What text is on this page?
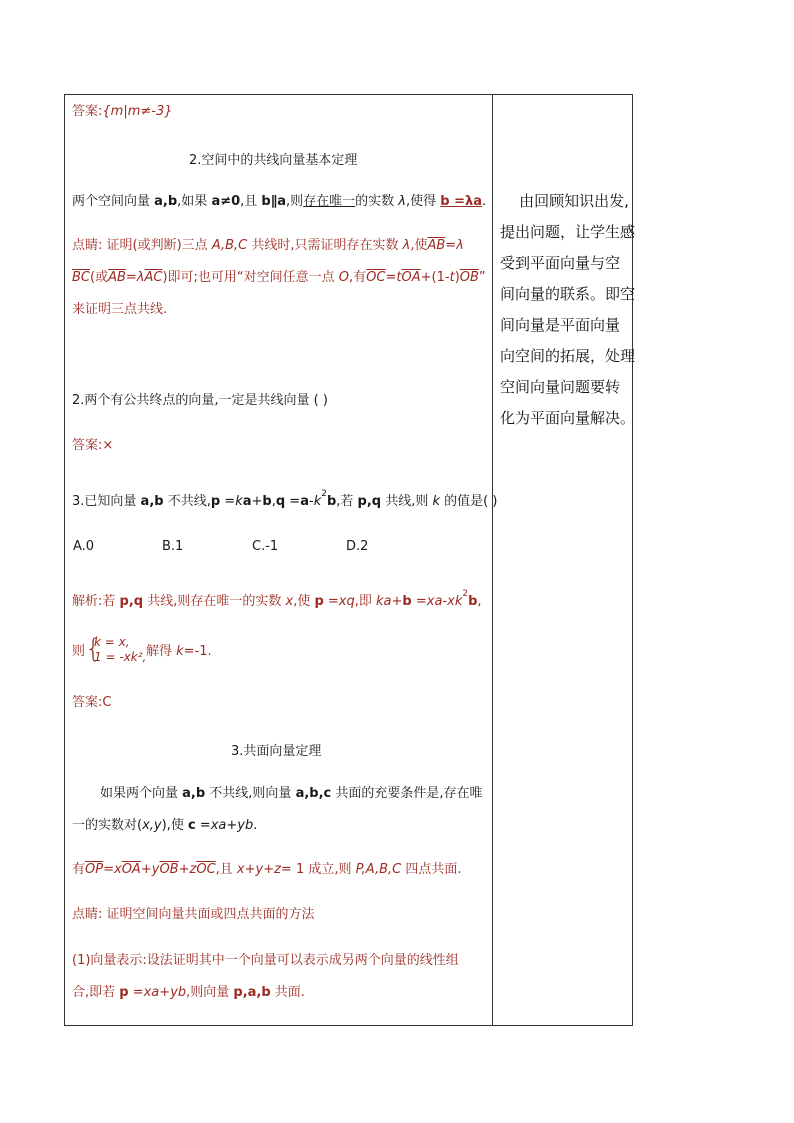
答案:{m|m≠-3}
2.空间中的共线向量基本定理
两个空间向量 a,b,如果 a≠0,且 b∥a,则存在唯一的实数 λ,使得 b =λa.
点睛: 证明(或判断)三点 A,B,C 共线时,只需证明存在实数 λ,使$\overline{AB}=\lambda$
$\overline{BC}$(或$\overline{AB}=\lambda\overline{AC}$)即可;也可用“对空间任意一点 O,有$\overline{OC}=t\overline{OA}+(1-t)\overline{OB}$”
来证明三点共线.
2.两个有公共终点的向量,一定是共线向量 ( )
答案:×
3.已知向量 a,b 不共线$,p =ka+b,q =a-k^2b$,若 p,q 共线,则 k 的值是( )
A.0	B.1	C.-1	D.2
解析:若 p,q 共线,则存在唯一的实数 x,使 p =xq,即 $ka+b =xa-xk^2b$,
则 {
k = x,
1 = -xk², 解得 k=-1.
答案:C
3.共面向量定理
如果两个向量 a,b 不共线,则向量 a,b,c 共面的充要条件是,存在唯
一的实数对(x,y),使 c =xa+yb.
有$\overline{OP}=x\overline{OA}+y\overline{OB}+z\overline{OC}$,且 x+y+z= 1 成立,则 P,A,B,C 四点共面.
点睛: 证明空间向量共面或四点共面的方法
(1)向量表示:设法证明其中一个向量可以表示成另两个向量的线性组
合,即若 p =xa+yb,则向量 p,a,b 共面.
由回顾知识出发,
提出问题，让学生感
受到平面向量与空
间向量的联系。即空
间向量是平面向量
向空间的拓展，处理
空间向量问题要转
化为平面向量解决。
